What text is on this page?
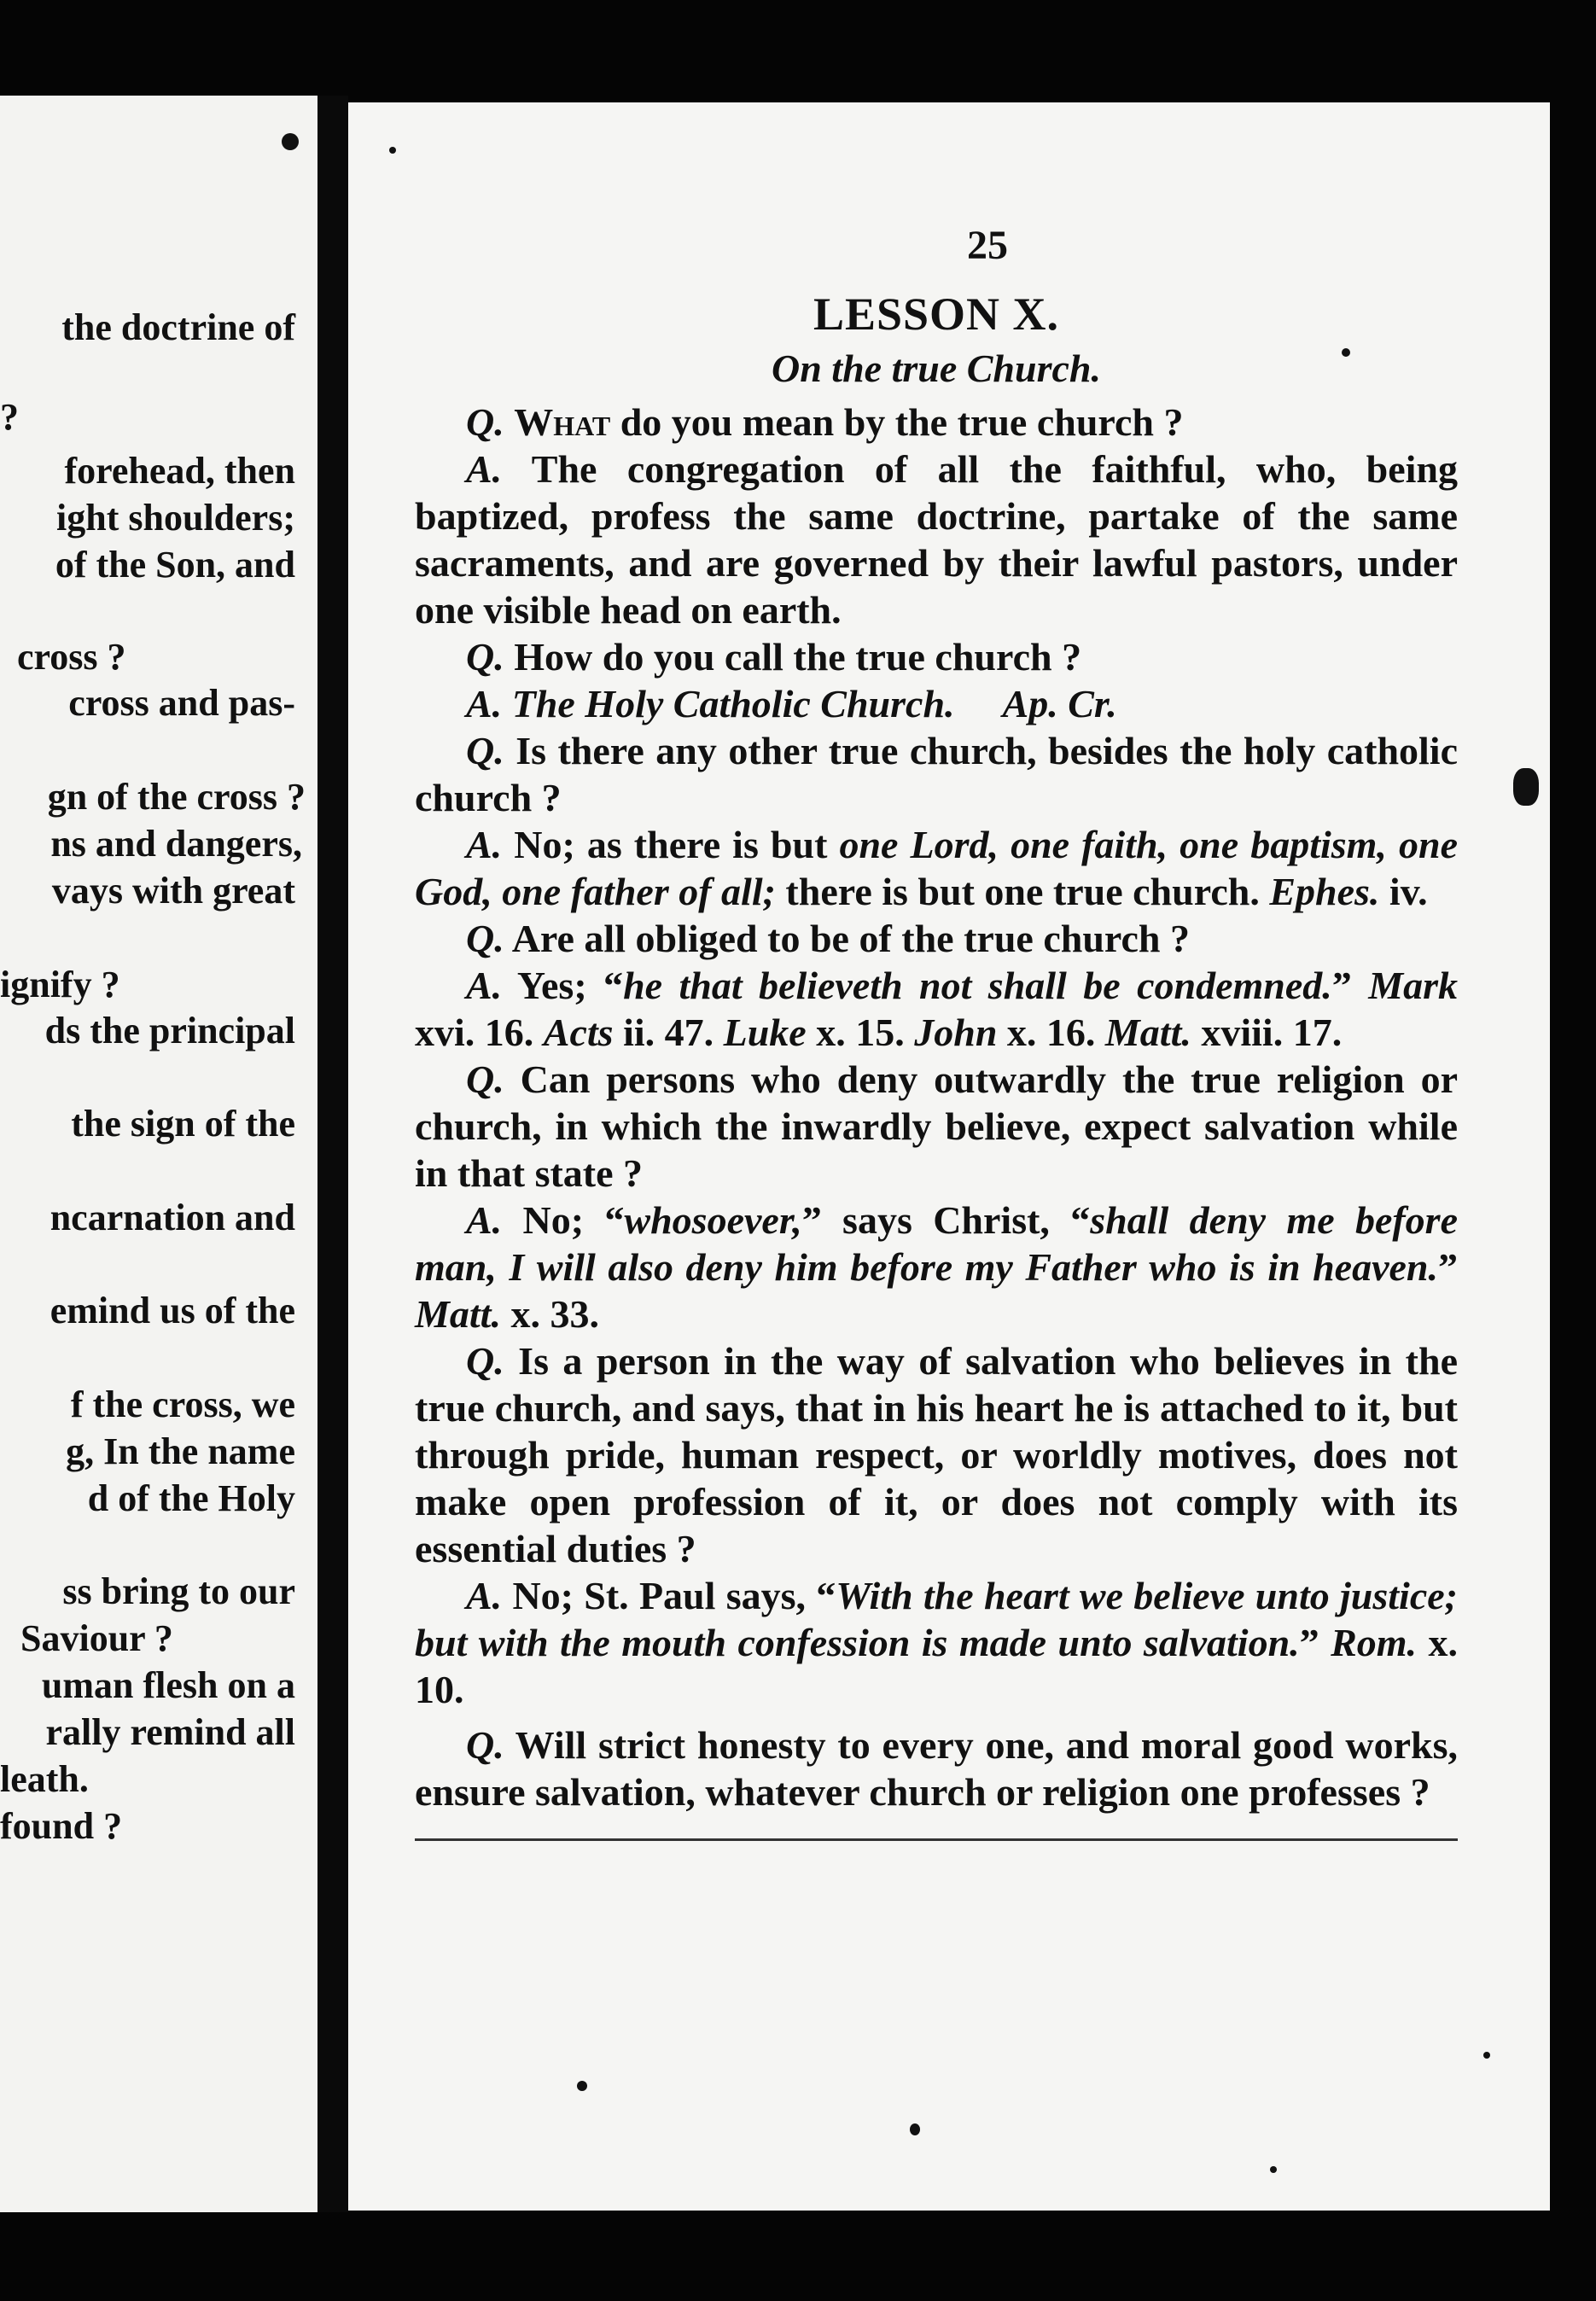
the doctrine of
?
forehead, then
ight shoulders;
of the Son, and
cross ?
cross and pas-
gn of the cross ?
ns and dangers,
vays with great
ignify ?
ds the principal
the sign of the
ncarnation and
emind us of the
f the cross, we
g, In the name
d of the Holy
ss bring to our
Saviour ?
uman flesh on a
rally remind all
leath.
found ?
25
LESSON X.
On the true Church.

Q. What do you mean by the true church ?

A. The congregation of all the faithful, who, being baptized, profess the same doctrine, partake of the same sacraments, and are governed by their lawful pastors, under one visible head on earth.

Q. How do you call the true church ?

A. The Holy Catholic Church. Ap. Cr.

Q. Is there any other true church, besides the holy catholic church ?

A. No; as there is but one Lord, one faith, one baptism, one God, one father of all; there is but one true church. Ephes. iv.

Q. Are all obliged to be of the true church ?

A. Yes; “he that believeth not shall be condemned.” Mark xvi. 16. Acts ii. 47. Luke x. 15. John x. 16. Matt. xviii. 17.

Q. Can persons who deny outwardly the true religion or church, in which the inwardly believe, expect salvation while in that state ?

A. No; “whosoever,” says Christ, “shall deny me before man, I will also deny him before my Father who is in heaven.” Matt. x. 33.

Q. Is a person in the way of salvation who believes in the true church, and says, that in his heart he is attached to it, but through pride, human respect, or worldly motives, does not make open profession of it, or does not comply with its essential duties ?

A. No; St. Paul says, “With the heart we believe unto justice; but with the mouth confession is made unto salvation.” Rom. x. 10.

Q. Will strict honesty to every one, and moral good works, ensure salvation, whatever church or religion one professes ?
